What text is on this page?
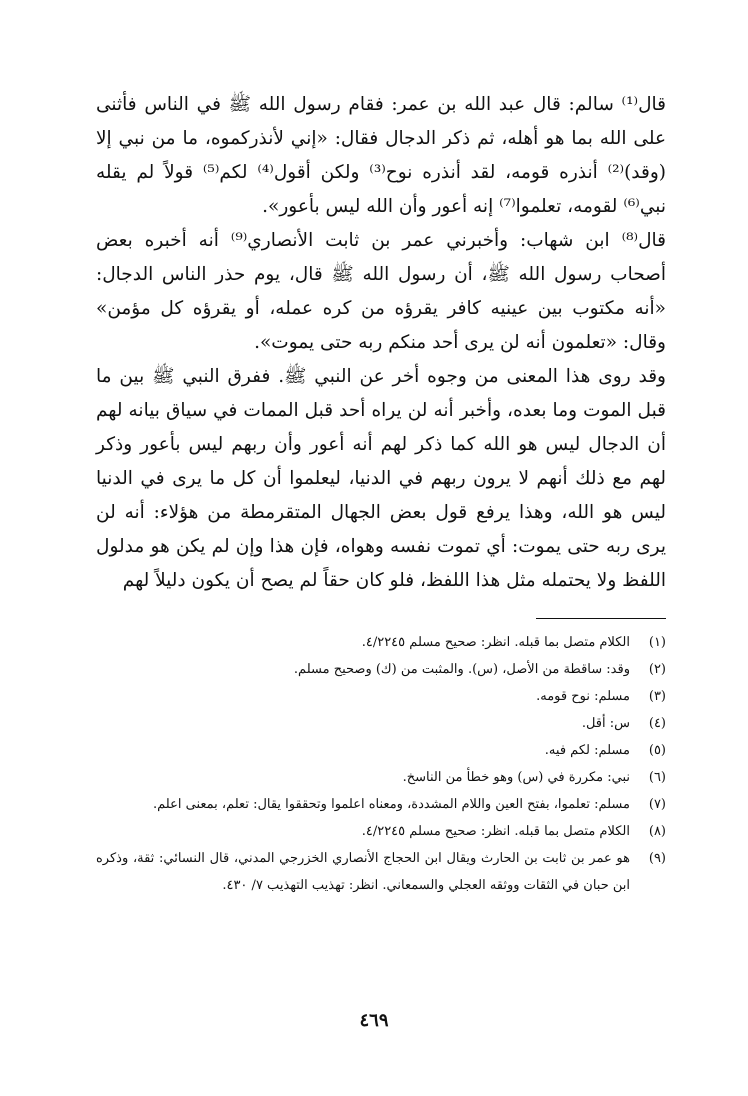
قال⁽¹⁾ سالم: قال عبد الله بن عمر: فقام رسول الله ﷺ في الناس فأثنى على الله بما هو أهله، ثم ذكر الدجال فقال: «إني لأنذركموه، ما من نبي إلا (وقد)⁽²⁾ أنذره قومه، لقد أنذره نوح⁽³⁾ ولكن أقول⁽⁴⁾ لكم⁽⁵⁾ قولاً لم يقله نبي⁽⁶⁾ لقومه، تعلموا⁽⁷⁾ إنه أعور وأن الله ليس بأعور».

قال⁽⁸⁾ ابن شهاب: وأخبرني عمر بن ثابت الأنصاري⁽⁹⁾ أنه أخبره بعض أصحاب رسول الله ﷺ، أن رسول الله ﷺ قال، يوم حذر الناس الدجال: «أنه مكتوب بين عينيه كافر يقرؤه من كره عمله، أو يقرؤه كل مؤمن» وقال: «تعلمون أنه لن يرى أحد منكم ربه حتى يموت».

وقد روى هذا المعنى من وجوه أخر عن النبي ﷺ. ففرق النبي ﷺ بين ما قبل الموت وما بعده، وأخبر أنه لن يراه أحد قبل الممات في سياق بيانه لهم أن الدجال ليس هو الله كما ذكر لهم أنه أعور وأن ربهم ليس بأعور وذكر لهم مع ذلك أنهم لا يرون ربهم في الدنيا، ليعلموا أن كل ما يرى في الدنيا ليس هو الله، وهذا يرفع قول بعض الجهال المتقرمطة من هؤلاء: أنه لن يرى ربه حتى يموت: أي تموت نفسه وهواه، فإن هذا وإن لم يكن هو مدلول اللفظ ولا يحتمله مثل هذا اللفظ، فلو كان حقاً لم يصح أن يكون دليلاً لهم

(١)
الكلام متصل بما قبله. انظر: صحيح مسلم ٤/٢٢٤٥.
(٢)
وقد: ساقطة من الأصل، (س). والمثبت من (ك) وصحيح مسلم.
(٣)
مسلم: نوح قومه.
(٤)
س: أقل.
(٥)
مسلم: لكم فيه.
(٦)
نبي: مكررة في (س) وهو خطأ من الناسخ.
(٧)
مسلم: تعلموا، بفتح العين واللام المشددة، ومعناه اعلموا وتحققوا يقال: تعلم، بمعنى اعلم.
(٨)
الكلام متصل بما قبله. انظر: صحيح مسلم ٤/٢٢٤٥.
(٩)
هو عمر بن ثابت بن الحارث ويقال ابن الحجاج الأنصاري الخزرجي المدني، قال النسائي: ثقة، وذكره ابن حبان في الثقات ووثقه العجلي والسمعاني. انظر: تهذيب التهذيب ٧/ ٤٣٠.
٤٦٩
